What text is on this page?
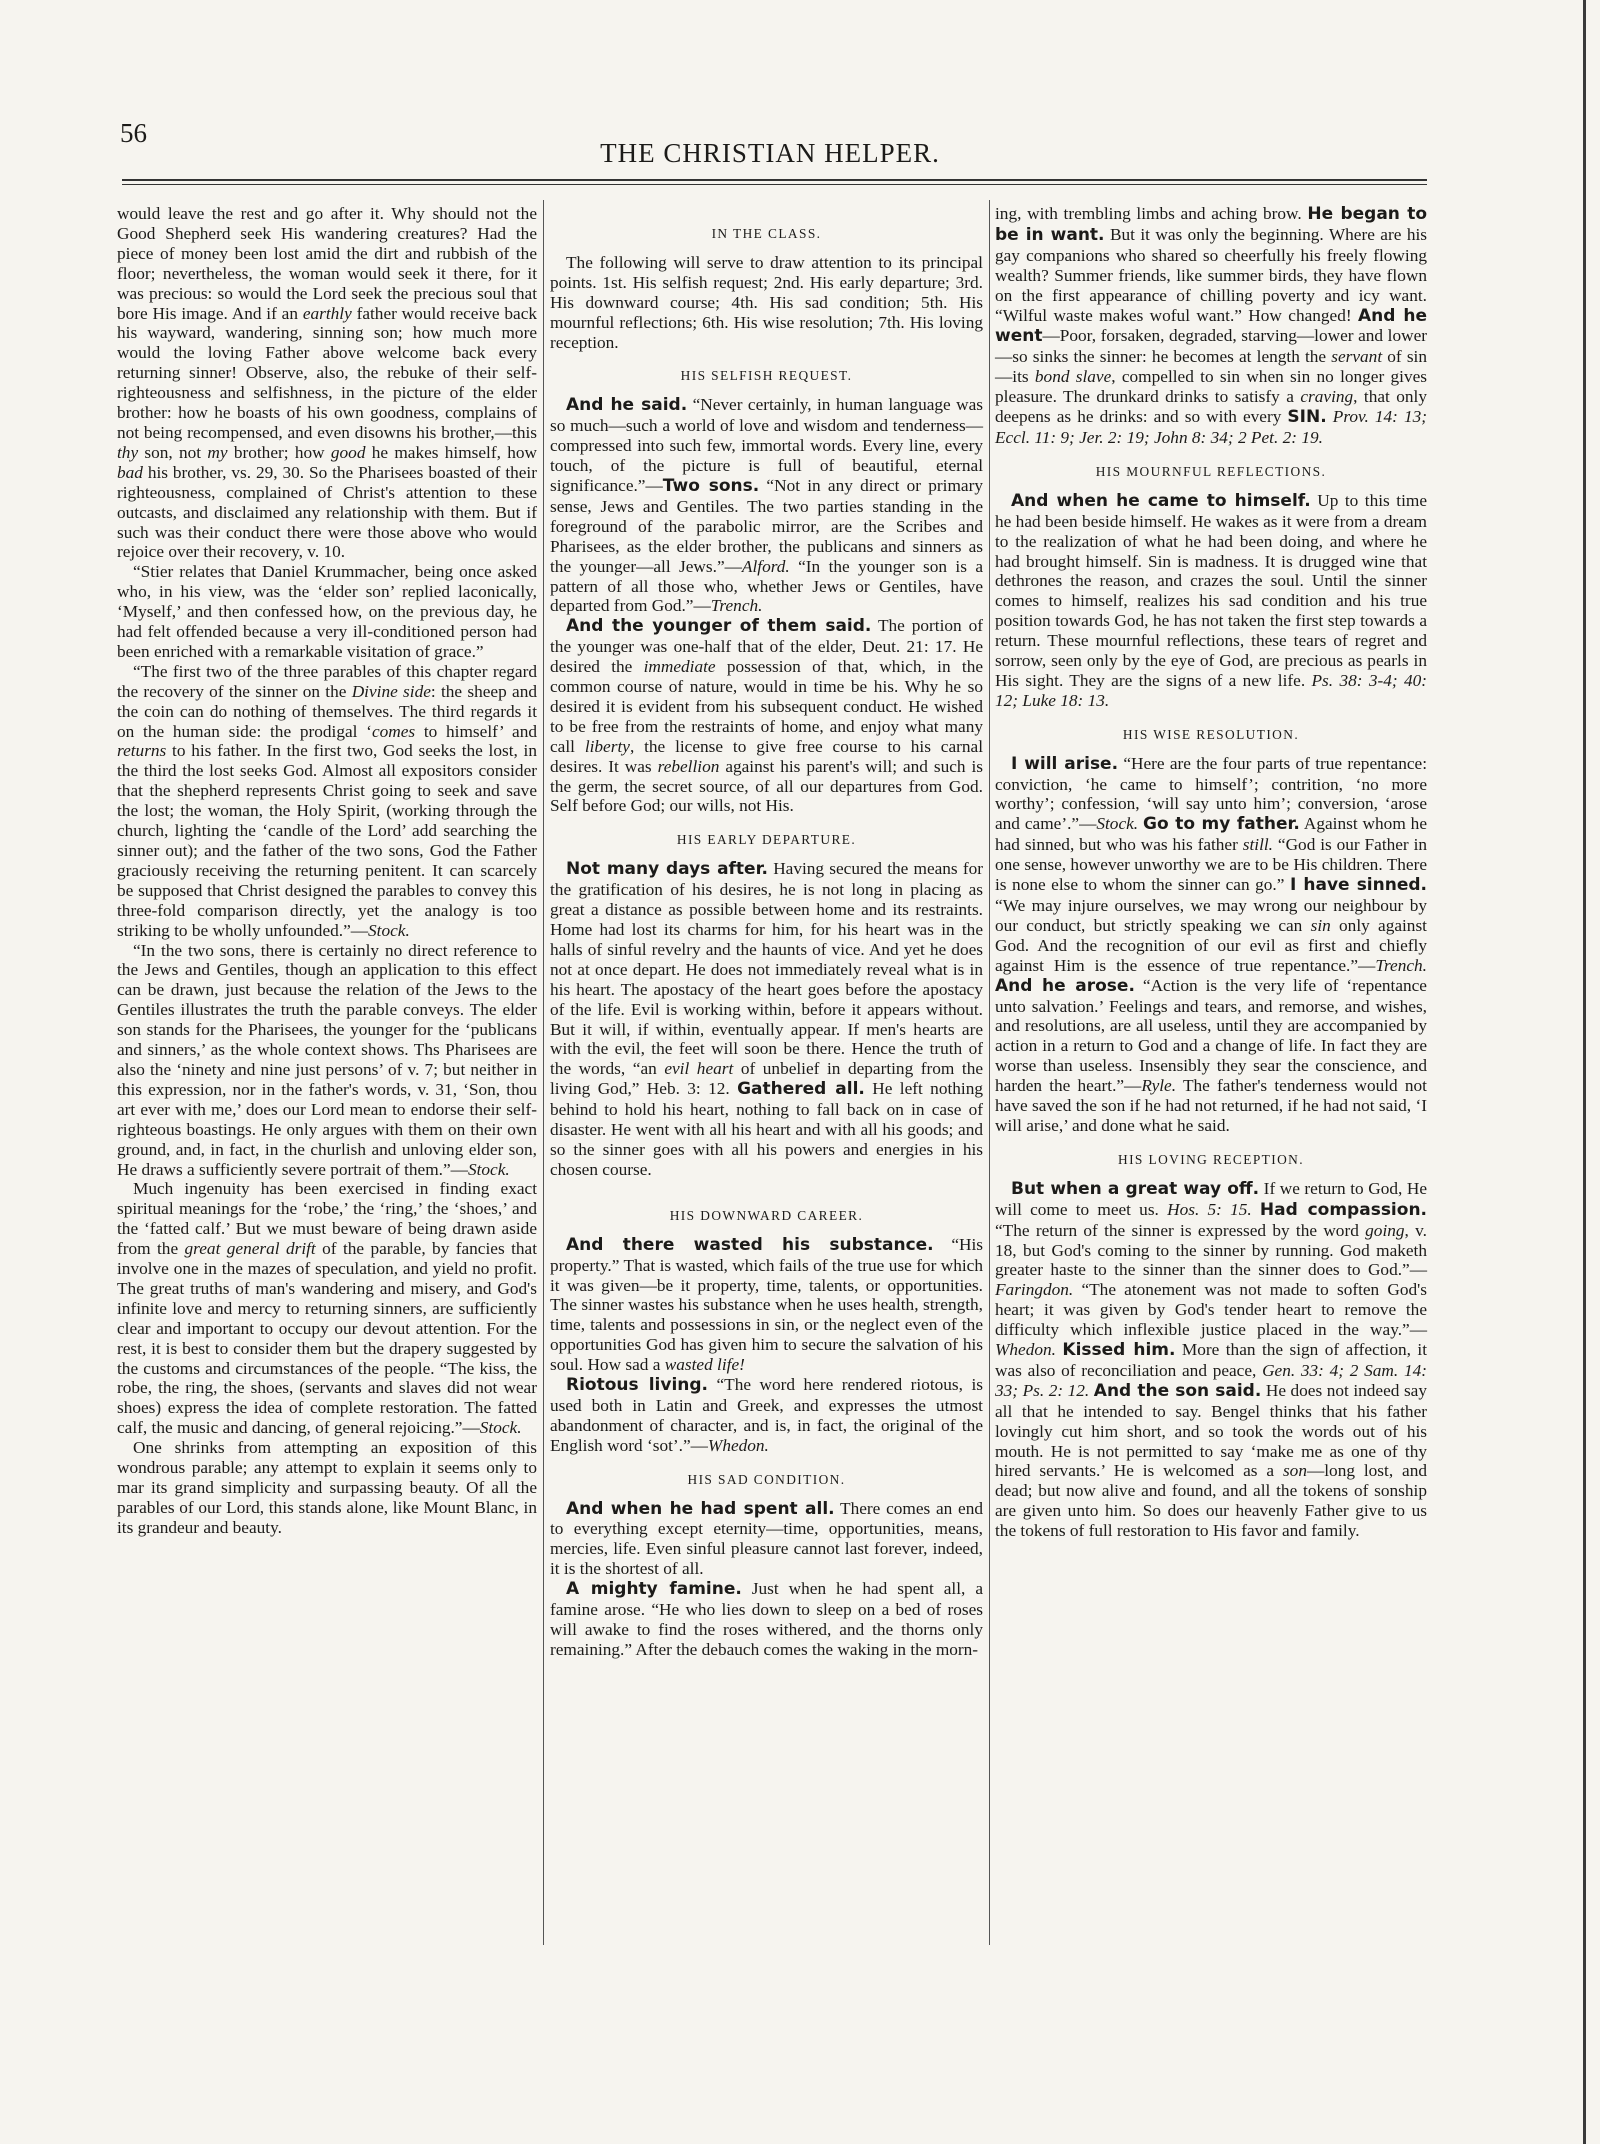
56
THE CHRISTIAN HELPER.

would leave the rest and go after it. Why should not the Good Shepherd seek His wandering creatures? Had the piece of money been lost amid the dirt and rubbish of the floor; nevertheless, the woman would seek it there, for it was precious: so would the Lord seek the precious soul that bore His image. And if an earthly father would receive back his wayward, wandering, sinning son; how much more would the loving Father above welcome back every returning sinner! Observe, also, the rebuke of their self-righteousness and selfishness, in the picture of the elder brother: how he boasts of his own goodness, complains of not being recompensed, and even disowns his brother,—this thy son, not my brother; how good he makes himself, how bad his brother, vs. 29, 30. So the Pharisees boasted of their righteousness, complained of Christ's attention to these outcasts, and disclaimed any relationship with them. But if such was their conduct there were those above who would rejoice over their recovery, v. 10.

“Stier relates that Daniel Krummacher, being once asked who, in his view, was the ‘elder son’ replied laconically, ‘Myself,’ and then confessed how, on the previous day, he had felt offended because a very ill-conditioned person had been enriched with a remarkable visitation of grace.”

“The first two of the three parables of this chapter regard the recovery of the sinner on the Divine side: the sheep and the coin can do nothing of themselves. The third regards it on the human side: the prodigal ‘comes to himself’ and returns to his father. In the first two, God seeks the lost, in the third the lost seeks God. Almost all expositors consider that the shepherd represents Christ going to seek and save the lost; the woman, the Holy Spirit, (working through the church, lighting the ‘candle of the Lord’ add searching the sinner out); and the father of the two sons, God the Father graciously receiving the returning penitent. It can scarcely be supposed that Christ designed the parables to convey this three-fold comparison directly, yet the analogy is too striking to be wholly unfounded.”—Stock.

“In the two sons, there is certainly no direct reference to the Jews and Gentiles, though an application to this effect can be drawn, just because the relation of the Jews to the Gentiles illustrates the truth the parable conveys. The elder son stands for the Pharisees, the younger for the ‘publicans and sinners,’ as the whole context shows. Ths Pharisees are also the ‘ninety and nine just persons’ of v. 7; but neither in this expression, nor in the father's words, v. 31, ‘Son, thou art ever with me,’ does our Lord mean to endorse their self-righteous boastings. He only argues with them on their own ground, and, in fact, in the churlish and unloving elder son, He draws a sufficiently severe portrait of them.”—Stock.

Much ingenuity has been exercised in finding exact spiritual meanings for the ‘robe,’ the ‘ring,’ the ‘shoes,’ and the ‘fatted calf.’ But we must beware of being drawn aside from the great general drift of the parable, by fancies that involve one in the mazes of speculation, and yield no profit. The great truths of man's wandering and misery, and God's infinite love and mercy to returning sinners, are sufficiently clear and important to occupy our devout attention. For the rest, it is best to consider them but the drapery suggested by the customs and circumstances of the people. “The kiss, the robe, the ring, the shoes, (servants and slaves did not wear shoes) express the idea of complete restoration. The fatted calf, the music and dancing, of general rejoicing.”—Stock.

One shrinks from attempting an exposition of this wondrous parable; any attempt to explain it seems only to mar its grand simplicity and surpassing beauty. Of all the parables of our Lord, this stands alone, like Mount Blanc, in its grandeur and beauty.

IN THE CLASS.

The following will serve to draw attention to its principal points. 1st. His selfish request; 2nd. His early departure; 3rd. His downward course; 4th. His sad condition; 5th. His mournful reflections; 6th. His wise resolution; 7th. His loving reception.

HIS SELFISH REQUEST.

And he said. “Never certainly, in human language was so much—such a world of love and wisdom and tenderness—compressed into such few, immortal words. Every line, every touch, of the picture is full of beautiful, eternal significance.”—Two sons. “Not in any direct or primary sense, Jews and Gentiles. The two parties standing in the foreground of the parabolic mirror, are the Scribes and Pharisees, as the elder brother, the publicans and sinners as the younger—all Jews.”—Alford. “In the younger son is a pattern of all those who, whether Jews or Gentiles, have departed from God.”—Trench.

And the younger of them said. The portion of the younger was one-half that of the elder, Deut. 21: 17. He desired the immediate possession of that, which, in the common course of nature, would in time be his. Why he so desired it is evident from his subsequent conduct. He wished to be free from the restraints of home, and enjoy what many call liberty, the license to give free course to his carnal desires. It was rebellion against his parent's will; and such is the germ, the secret source, of all our departures from God. Self before God; our wills, not His.

HIS EARLY DEPARTURE.

Not many days after. Having secured the means for the gratification of his desires, he is not long in placing as great a distance as possible between home and its restraints. Home had lost its charms for him, for his heart was in the halls of sinful revelry and the haunts of vice. And yet he does not at once depart. He does not immediately reveal what is in his heart. The apostacy of the heart goes before the apostacy of the life. Evil is working within, before it appears without. But it will, if within, eventually appear. If men's hearts are with the evil, the feet will soon be there. Hence the truth of the words, “an evil heart of unbelief in departing from the living God,” Heb. 3: 12. Gathered all. He left nothing behind to hold his heart, nothing to fall back on in case of disaster. He went with all his heart and with all his goods; and so the sinner goes with all his powers and energies in his chosen course.

HIS DOWNWARD CAREER.

And there wasted his substance. “His property.” That is wasted, which fails of the true use for which it was given—be it property, time, talents, or opportunities. The sinner wastes his substance when he uses health, strength, time, talents and possessions in sin, or the neglect even of the opportunities God has given him to secure the salvation of his soul. How sad a wasted life!

Riotous living. “The word here rendered riotous, is used both in Latin and Greek, and expresses the utmost abandonment of character, and is, in fact, the original of the English word ‘sot’.”—Whedon.

HIS SAD CONDITION.

And when he had spent all. There comes an end to everything except eternity—time, opportunities, means, mercies, life. Even sinful pleasure cannot last forever, indeed, it is the shortest of all.

A mighty famine. Just when he had spent all, a famine arose. “He who lies down to sleep on a bed of roses will awake to find the roses withered, and the thorns only remaining.” After the debauch comes the waking in the morn-

ing, with trembling limbs and aching brow. He began to be in want. But it was only the beginning. Where are his gay companions who shared so cheerfully his freely flowing wealth? Summer friends, like summer birds, they have flown on the first appearance of chilling poverty and icy want. “Wilful waste makes woful want.” How changed! And he went—Poor, forsaken, degraded, starving—lower and lower—so sinks the sinner: he becomes at length the servant of sin—its bond slave, compelled to sin when sin no longer gives pleasure. The drunkard drinks to satisfy a craving, that only deepens as he drinks: and so with every SIN. Prov. 14: 13; Eccl. 11: 9; Jer. 2: 19; John 8: 34; 2 Pet. 2: 19.

HIS MOURNFUL REFLECTIONS.

And when he came to himself. Up to this time he had been beside himself. He wakes as it were from a dream to the realization of what he had been doing, and where he had brought himself. Sin is madness. It is drugged wine that dethrones the reason, and crazes the soul. Until the sinner comes to himself, realizes his sad condition and his true position towards God, he has not taken the first step towards a return. These mournful reflections, these tears of regret and sorrow, seen only by the eye of God, are precious as pearls in His sight. They are the signs of a new life. Ps. 38: 3-4; 40: 12; Luke 18: 13.

HIS WISE RESOLUTION.

I will arise. “Here are the four parts of true repentance: conviction, ‘he came to himself’; contrition, ‘no more worthy’; confession, ‘will say unto him’; conversion, ‘arose and came’.”—Stock. Go to my father. Against whom he had sinned, but who was his father still. “God is our Father in one sense, however unworthy we are to be His children. There is none else to whom the sinner can go.” I have sinned. “We may injure ourselves, we may wrong our neighbour by our conduct, but strictly speaking we can sin only against God. And the recognition of our evil as first and chiefly against Him is the essence of true repentance.”—Trench. And he arose. “Action is the very life of ‘repentance unto salvation.’ Feelings and tears, and remorse, and wishes, and resolutions, are all useless, until they are accompanied by action in a return to God and a change of life. In fact they are worse than useless. Insensibly they sear the conscience, and harden the heart.”—Ryle. The father's tenderness would not have saved the son if he had not returned, if he had not said, ‘I will arise,’ and done what he said.

HIS LOVING RECEPTION.

But when a great way off. If we return to God, He will come to meet us. Hos. 5: 15. Had compassion. “The return of the sinner is expressed by the word going, v. 18, but God's coming to the sinner by running. God maketh greater haste to the sinner than the sinner does to God.”—Faringdon. “The atonement was not made to soften God's heart; it was given by God's tender heart to remove the difficulty which inflexible justice placed in the way.”—Whedon. Kissed him. More than the sign of affection, it was also of reconciliation and peace, Gen. 33: 4; 2 Sam. 14: 33; Ps. 2: 12. And the son said. He does not indeed say all that he intended to say. Bengel thinks that his father lovingly cut him short, and so took the words out of his mouth. He is not permitted to say ‘make me as one of thy hired servants.’ He is welcomed as a son—long lost, and dead; but now alive and found, and all the tokens of sonship are given unto him. So does our heavenly Father give to us the tokens of full restoration to His favor and family.
